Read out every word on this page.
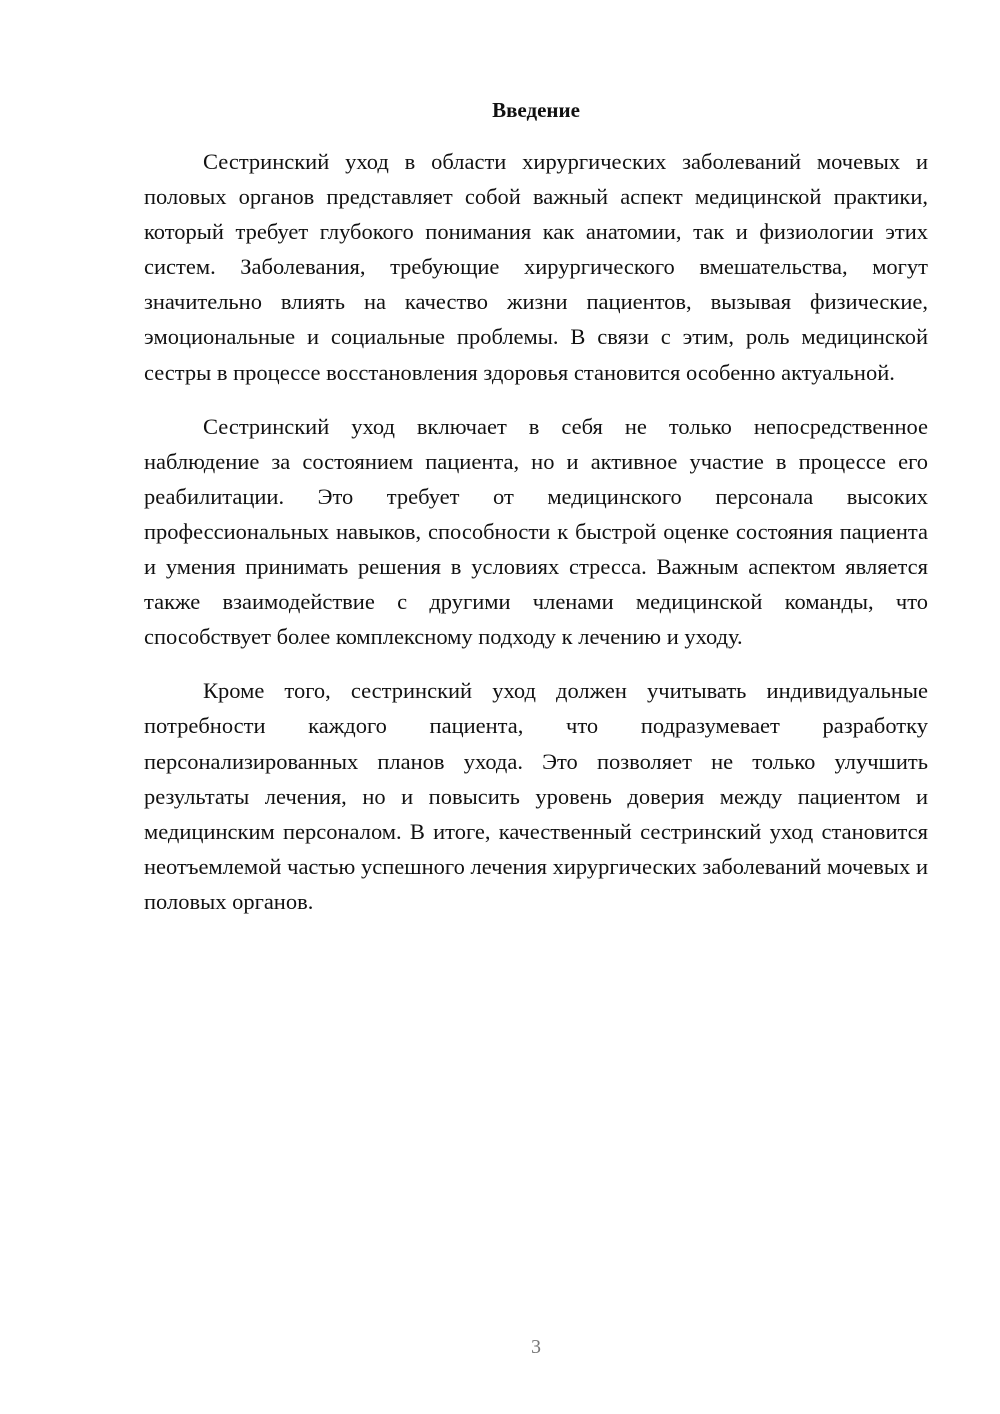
Введение

Сестринский уход в области хирургических заболеваний мочевых и половых органов представляет собой важный аспект медицинской практики, который требует глубокого понимания как анатомии, так и физиологии этих систем. Заболевания, требующие хирургического вмешательства, могут значительно влиять на качество жизни пациентов, вызывая физические, эмоциональные и социальные проблемы. В связи с этим, роль медицинской сестры в процессе восстановления здоровья становится особенно актуальной.

Сестринский уход включает в себя не только непосредственное наблюдение за состоянием пациента, но и активное участие в процессе его реабилитации. Это требует от медицинского персонала высоких профессиональных навыков, способности к быстрой оценке состояния пациента и умения принимать решения в условиях стресса. Важным аспектом является также взаимодействие с другими членами медицинской команды, что способствует более комплексному подходу к лечению и уходу.

Кроме того, сестринский уход должен учитывать индивидуальные потребности каждого пациента, что подразумевает разработку персонализированных планов ухода. Это позволяет не только улучшить результаты лечения, но и повысить уровень доверия между пациентом и медицинским персоналом. В итоге, качественный сестринский уход становится неотъемлемой частью успешного лечения хирургических заболеваний мочевых и половых органов.

3
